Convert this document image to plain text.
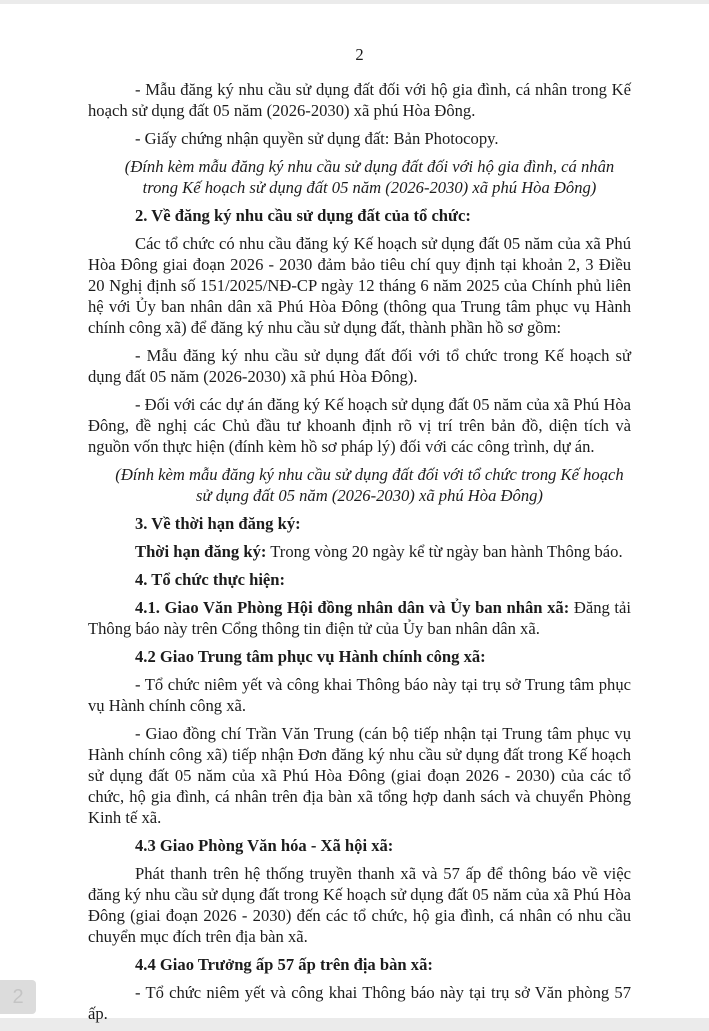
2

- Mẫu đăng ký nhu cầu sử dụng đất đối với hộ gia đình, cá nhân trong Kế hoạch sử dụng đất 05 năm (2026-2030) xã phú Hòa Đông.

- Giấy chứng nhận quyền sử dụng đất: Bản Photocopy.

(Đính kèm mẫu đăng ký nhu cầu sử dụng đất đối với hộ gia đình, cá nhân trong Kế hoạch sử dụng đất 05 năm (2026-2030) xã phú Hòa Đông)

2. Về đăng ký nhu cầu sử dụng đất của tổ chức:

Các tổ chức có nhu cầu đăng ký Kế hoạch sử dụng đất 05 năm của xã Phú Hòa Đông giai đoạn 2026 - 2030 đảm bảo tiêu chí quy định tại khoản 2, 3 Điều 20 Nghị định số 151/2025/NĐ-CP ngày 12 tháng 6 năm 2025 của Chính phủ liên hệ với Ủy ban nhân dân xã Phú Hòa Đông (thông qua Trung tâm phục vụ Hành chính công xã) để đăng ký nhu cầu sử dụng đất, thành phần hồ sơ gồm:

- Mẫu đăng ký nhu cầu sử dụng đất đối với tổ chức trong Kế hoạch sử dụng đất 05 năm (2026-2030) xã phú Hòa Đông).

- Đối với các dự án đăng ký Kế hoạch sử dụng đất 05 năm của xã Phú Hòa Đông, đề nghị các Chủ đầu tư khoanh định rõ vị trí trên bản đồ, diện tích và nguồn vốn thực hiện (đính kèm hồ sơ pháp lý) đối với các công trình, dự án.

(Đính kèm mẫu đăng ký nhu cầu sử dụng đất đối với tổ chức trong Kế hoạch sử dụng đất 05 năm (2026-2030) xã phú Hòa Đông)

3. Về thời hạn đăng ký:

Thời hạn đăng ký: Trong vòng 20 ngày kể từ ngày ban hành Thông báo.

4. Tổ chức thực hiện:

4.1. Giao Văn Phòng Hội đồng nhân dân và Ủy ban nhân xã: Đăng tải Thông báo này trên Cổng thông tin điện tử của Ủy ban nhân dân xã.

4.2 Giao Trung tâm phục vụ Hành chính công xã:

- Tổ chức niêm yết và công khai Thông báo này tại trụ sở Trung tâm phục vụ Hành chính công xã.

- Giao đồng chí Trần Văn Trung (cán bộ tiếp nhận tại Trung tâm phục vụ Hành chính công xã) tiếp nhận Đơn đăng ký nhu cầu sử dụng đất trong Kế hoạch sử dụng đất 05 năm của xã Phú Hòa Đông (giai đoạn 2026 - 2030) của các tổ chức, hộ gia đình, cá nhân trên địa bàn xã tổng hợp danh sách và chuyển Phòng Kinh tế xã.

4.3 Giao Phòng Văn hóa - Xã hội xã:

Phát thanh trên hệ thống truyền thanh xã và 57 ấp để thông báo về việc đăng ký nhu cầu sử dụng đất trong Kế hoạch sử dụng đất 05 năm của xã Phú Hòa Đông (giai đoạn 2026 - 2030) đến các tổ chức, hộ gia đình, cá nhân có nhu cầu chuyển mục đích trên địa bàn xã.

4.4 Giao Trưởng ấp 57 ấp trên địa bàn xã:

- Tổ chức niêm yết và công khai Thông báo này tại trụ sở Văn phòng 57 ấp.

2
